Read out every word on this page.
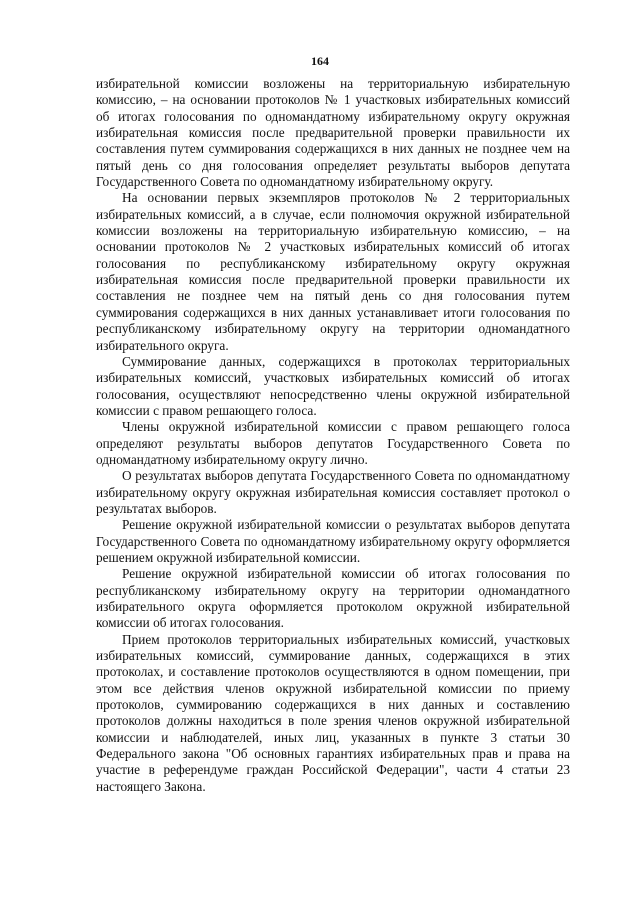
164

избирательной комиссии возложены на территориальную избирательную комиссию, – на основании протоколов № 1 участковых избирательных комиссий об итогах голосования по одномандатному избирательному округу окружная избирательная комиссия после предварительной проверки правильности их составления путем суммирования содержащихся в них данных не позднее чем на пятый день со дня голосования определяет результаты выборов депутата Государственного Совета по одномандатному избирательному округу.

На основании первых экземпляров протоколов № 2 территориальных избирательных комиссий, а в случае, если полномочия окружной избирательной комиссии возложены на территориальную избирательную комиссию, – на основании протоколов № 2 участковых избирательных комиссий об итогах голосования по республиканскому избирательному округу окружная избирательная комиссия после предварительной проверки правильности их составления не позднее чем на пятый день со дня голосования путем суммирования содержащихся в них данных устанавливает итоги голосования по республиканскому избирательному округу на территории одномандатного избирательного округа.

Суммирование данных, содержащихся в протоколах территориальных избирательных комиссий, участковых избирательных комиссий об итогах голосования, осуществляют непосредственно члены окружной избирательной комиссии с правом решающего голоса.

Члены окружной избирательной комиссии с правом решающего голоса определяют результаты выборов депутатов Государственного Совета по одномандатному избирательному округу лично.

О результатах выборов депутата Государственного Совета по одномандатному избирательному округу окружная избирательная комиссия составляет протокол о результатах выборов.

Решение окружной избирательной комиссии о результатах выборов депутата Государственного Совета по одномандатному избирательному округу оформляется решением окружной избирательной комиссии.

Решение окружной избирательной комиссии об итогах голосования по республиканскому избирательному округу на территории одномандатного избирательного округа оформляется протоколом окружной избирательной комиссии об итогах голосования.

Прием протоколов территориальных избирательных комиссий, участковых избирательных комиссий, суммирование данных, содержащихся в этих протоколах, и составление протоколов осуществляются в одном помещении, при этом все действия членов окружной избирательной комиссии по приему протоколов, суммированию содержащихся в них данных и составлению протоколов должны находиться в поле зрения членов окружной избирательной комиссии и наблюдателей, иных лиц, указанных в пункте 3 статьи 30 Федерального закона "Об основных гарантиях избирательных прав и права на участие в референдуме граждан Российской Федерации", части 4 статьи 23 настоящего Закона.
